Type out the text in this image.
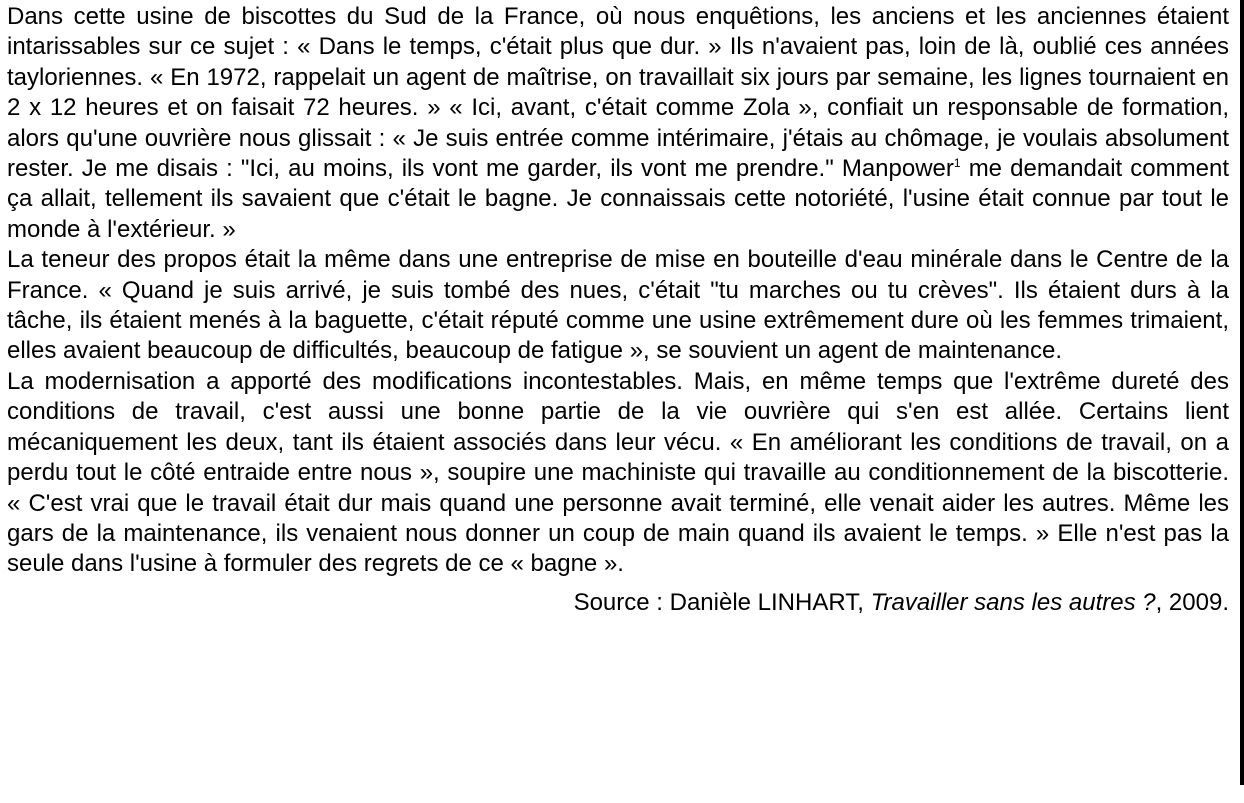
Dans cette usine de biscottes du Sud de la France, où nous enquêtions, les anciens et les anciennes étaient intarissables sur ce sujet : « Dans le temps, c'était plus que dur. » Ils n'avaient pas, loin de là, oublié ces années tayloriennes. « En 1972, rappelait un agent de maîtrise, on travaillait six jours par semaine, les lignes tournaient en 2 x 12 heures et on faisait 72 heures. » « Ici, avant, c'était comme Zola », confiait un responsable de formation, alors qu'une ouvrière nous glissait : « Je suis entrée comme intérimaire, j'étais au chômage, je voulais absolument rester. Je me disais : "Ici, au moins, ils vont me garder, ils vont me prendre." Manpower$^1$ me demandait comment ça allait, tellement ils savaient que c'était le bagne. Je connaissais cette notoriété, l'usine était connue par tout le monde à l'extérieur. »

La teneur des propos était la même dans une entreprise de mise en bouteille d'eau minérale dans le Centre de la France. « Quand je suis arrivé, je suis tombé des nues, c'était "tu marches ou tu crèves". Ils étaient durs à la tâche, ils étaient menés à la baguette, c'était réputé comme une usine extrêmement dure où les femmes trimaient, elles avaient beaucoup de difficultés, beaucoup de fatigue », se souvient un agent de maintenance.

La modernisation a apporté des modifications incontestables. Mais, en même temps que l'extrême dureté des conditions de travail, c'est aussi une bonne partie de la vie ouvrière qui s'en est allée. Certains lient mécaniquement les deux, tant ils étaient associés dans leur vécu. « En améliorant les conditions de travail, on a perdu tout le côté entraide entre nous », soupire une machiniste qui travaille au conditionnement de la biscotterie. « C'est vrai que le travail était dur mais quand une personne avait terminé, elle venait aider les autres. Même les gars de la maintenance, ils venaient nous donner un coup de main quand ils avaient le temps. » Elle n'est pas la seule dans l'usine à formuler des regrets de ce « bagne ».

Source : Danièle LINHART, Travailler sans les autres ?, 2009.
